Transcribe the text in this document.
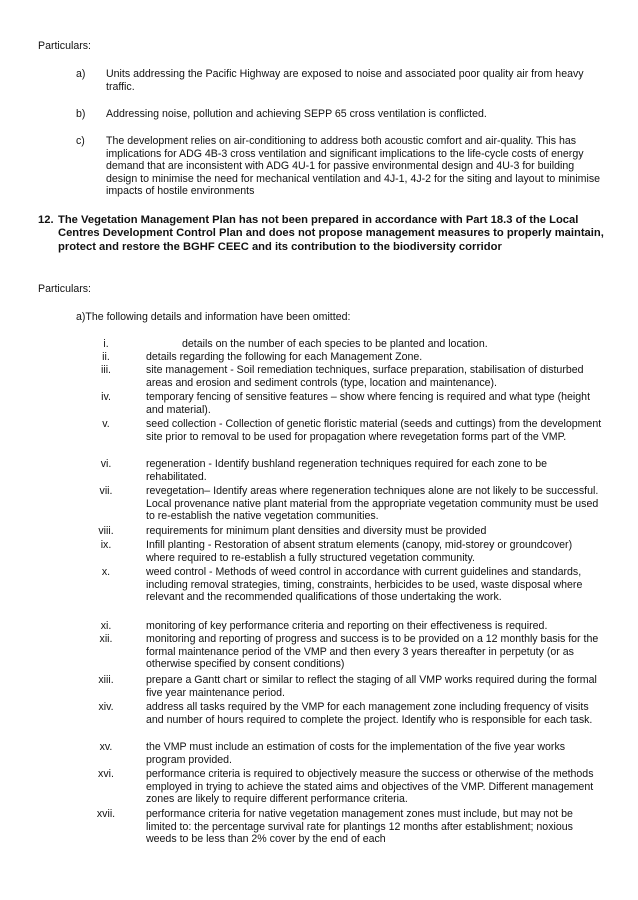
Particulars:

a)	Units addressing the Pacific Highway are exposed to noise and associated poor quality air from heavy traffic.

b)	Addressing noise, pollution and achieving SEPP 65 cross ventilation is conflicted.

c)	The development relies on air-conditioning to address both acoustic comfort and air-quality. This has implications for ADG 4B-3 cross ventilation and significant implications to the life-cycle costs of energy demand that are inconsistent with ADG 4U-1 for passive environmental design and 4U-3 for building design to minimise the need for mechanical ventilation and 4J-1, 4J-2 for the siting and layout to minimise impacts of hostile environments

12. The Vegetation Management Plan has not been prepared in accordance with Part 18.3 of the Local Centres Development Control Plan and does not propose management measures to properly maintain, protect and restore the BGHF CEEC and its contribution to the biodiversity corridor

Particulars:

a)The following details and information have been omitted:

i.	details on the number of each species to be planted and location.

ii.	details regarding the following for each Management Zone.

iii.	site management - Soil remediation techniques, surface preparation, stabilisation of disturbed areas and erosion and sediment controls (type, location and maintenance).

iv.	temporary fencing of sensitive features – show where fencing is required and what type (height and material).

v.	seed collection - Collection of genetic floristic material (seeds and cuttings) from the development site prior to removal to be used for propagation where revegetation forms part of the VMP.

vi.	regeneration - Identify bushland regeneration techniques required for each zone to be rehabilitated.

vii.	revegetation– Identify areas where regeneration techniques alone are not likely to be successful. Local provenance native plant material from the appropriate vegetation community must be used to re-establish the native vegetation communities.

viii.	requirements for minimum plant densities and diversity must be provided

ix.	Infill planting - Restoration of absent stratum elements (canopy, mid-storey or groundcover) where required to re-establish a fully structured vegetation community.

x.	weed control - Methods of weed control in accordance with current guidelines and standards, including removal strategies, timing, constraints, herbicides to be used, waste disposal where relevant and the recommended qualifications of those undertaking the work.

xi.	monitoring of key performance criteria and reporting on their effectiveness is required.

xii.	monitoring and reporting of progress and success is to be provided on a 12 monthly basis for the formal maintenance period of the VMP and then every 3 years thereafter in perpetuty (or as otherwise specified by consent conditions)

xiii.	prepare a Gantt chart or similar to reflect the staging of all VMP works required during the formal five year maintenance period.

xiv.	address all tasks required by the VMP for each management zone including frequency of visits and number of hours required to complete the project. Identify who is responsible for each task.

xv.	the VMP must include an estimation of costs for the implementation of the five year works program provided.

xvi.	performance criteria is required to objectively measure the success or otherwise of the methods employed in trying to achieve the stated aims and objectives of the VMP. Different management zones are likely to require different performance criteria.

xvii.	performance criteria for native vegetation management zones must include, but may not be limited to: the percentage survival rate for plantings 12 months after establishment; noxious weeds to be less than 2% cover by the end of each
